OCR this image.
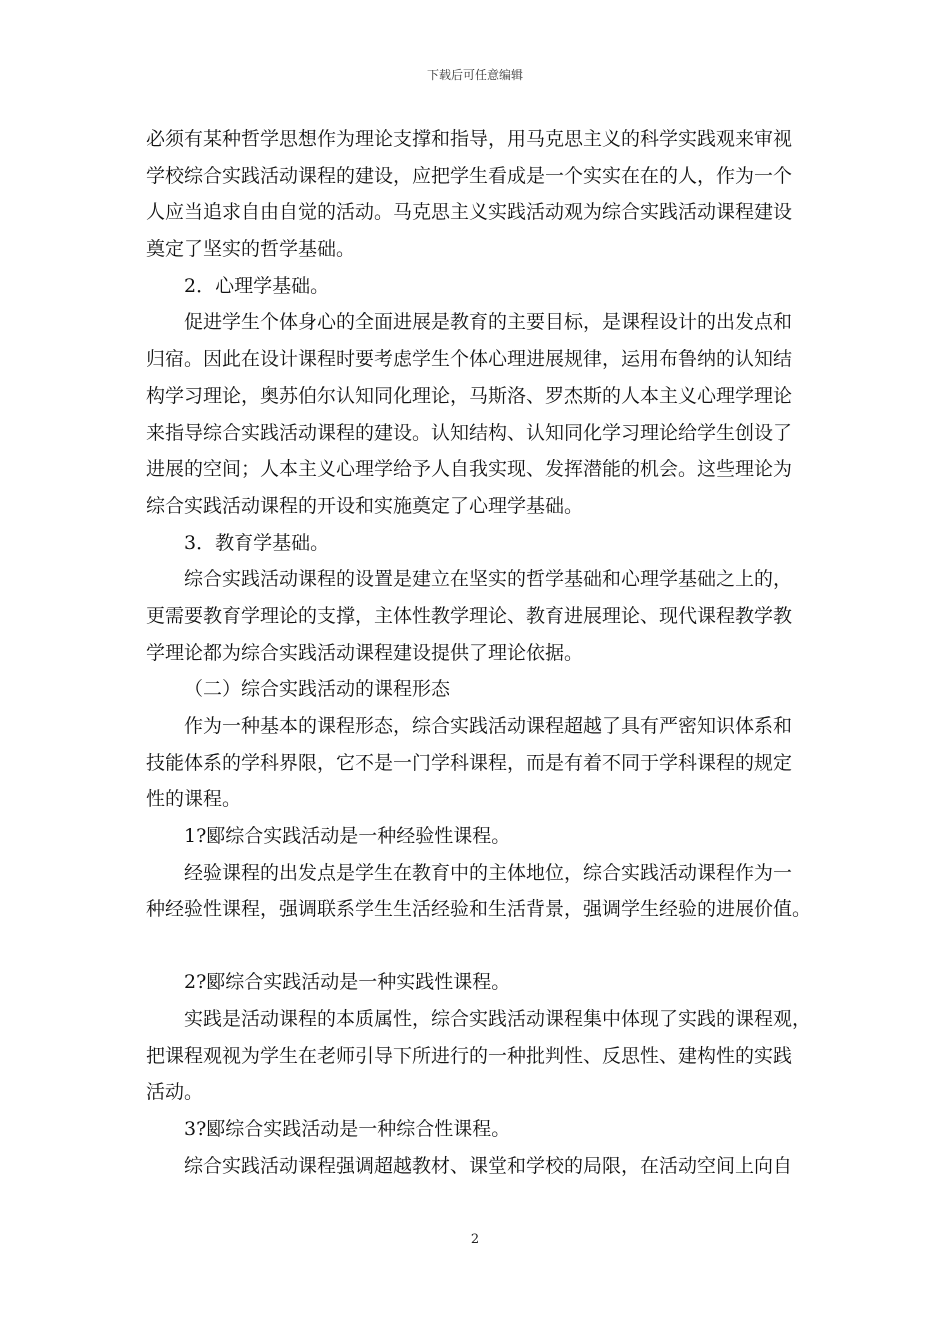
下载后可任意编辑
必须有某种哲学思想作为理论支撑和指导，用马克思主义的科学实践观来审视
学校综合实践活动课程的建设，应把学生看成是一个实实在在的人，作为一个
人应当追求自由自觉的活动。马克思主义实践活动观为综合实践活动课程建设
奠定了坚实的哲学基础。
2．心理学基础。
促进学生个体身心的全面进展是教育的主要目标，是课程设计的出发点和
归宿。因此在设计课程时要考虑学生个体心理进展规律，运用布鲁纳的认知结
构学习理论，奥苏伯尔认知同化理论，马斯洛、罗杰斯的人本主义心理学理论
来指导综合实践活动课程的建设。认知结构、认知同化学习理论给学生创设了
进展的空间；人本主义心理学给予人自我实现、发挥潜能的机会。这些理论为
综合实践活动课程的开设和实施奠定了心理学基础。
3．教育学基础。
综合实践活动课程的设置是建立在坚实的哲学基础和心理学基础之上的，
更需要教育学理论的支撑，主体性教学理论、教育进展理论、现代课程教学教
学理论都为综合实践活动课程建设提供了理论依据。
（二）综合实践活动的课程形态
作为一种基本的课程形态，综合实践活动课程超越了具有严密知识体系和
技能体系的学科界限，它不是一门学科课程，而是有着不同于学科课程的规定
性的课程。
1?郾综合实践活动是一种经验性课程。
经验课程的出发点是学生在教育中的主体地位，综合实践活动课程作为一
种经验性课程，强调联系学生生活经验和生活背景，强调学生经验的进展价值。
2?郾综合实践活动是一种实践性课程。
实践是活动课程的本质属性，综合实践活动课程集中体现了实践的课程观，
把课程观视为学生在老师引导下所进行的一种批判性、反思性、建构性的实践
活动。
3?郾综合实践活动是一种综合性课程。
综合实践活动课程强调超越教材、课堂和学校的局限，在活动空间上向自
2
